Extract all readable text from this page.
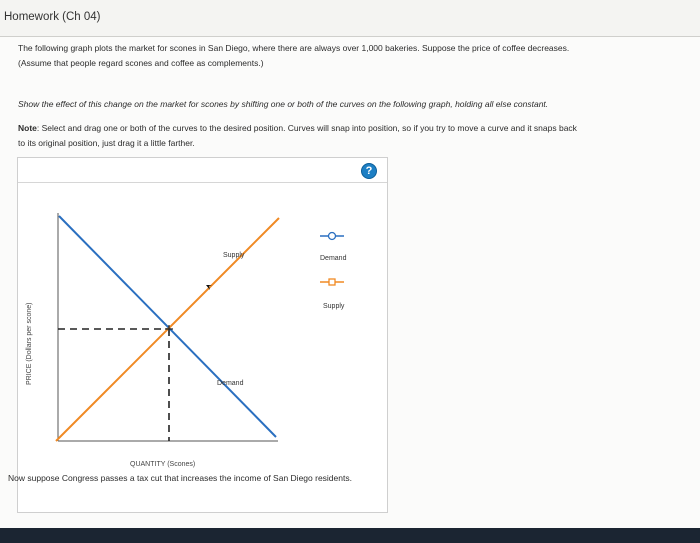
Homework (Ch 04)
The following graph plots the market for scones in San Diego, where there are always over 1,000 bakeries. Suppose the price of coffee decreases.
(Assume that people regard scones and coffee as complements.)
Show the effect of this change on the market for scones by shifting one or both of the curves on the following graph, holding all else constant.
Note: Select and drag one or both of the curves to the desired position. Curves will snap into position, so if you try to move a curve and it snaps back
to its original position, just drag it a little farther.
?
Supply
Demand
Demand
Supply
PRICE (Dollars per scone)
QUANTITY (Scones)
Now suppose Congress passes a tax cut that increases the income of San Diego residents.
